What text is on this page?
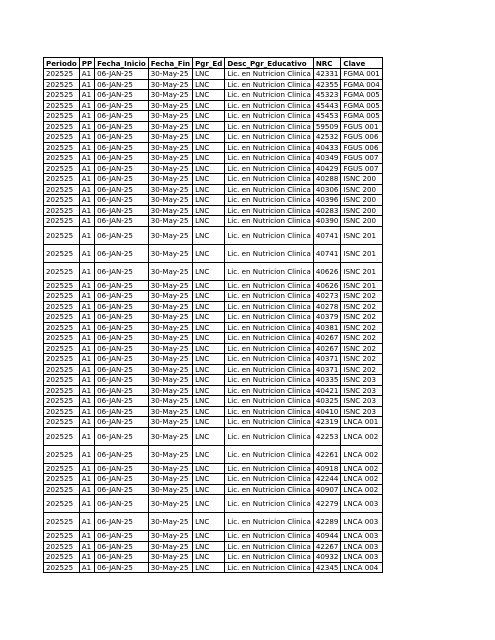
Periodo	PP	Fecha_Inicio	Fecha_Fin	Pgr_Ed	Desc_Pgr_Educativo	NRC	Clave
202525	A1	06-JAN-25	30-May-25	LNC	Lic. en Nutricion Clinica	42331	FGMA 001
202525	A1	06-JAN-25	30-May-25	LNC	Lic. en Nutricion Clinica	42355	FGMA 004
202525	A1	06-JAN-25	30-May-25	LNC	Lic. en Nutricion Clinica	45323	FGMA 005
202525	A1	06-JAN-25	30-May-25	LNC	Lic. en Nutricion Clinica	45443	FGMA 005
202525	A1	06-JAN-25	30-May-25	LNC	Lic. en Nutricion Clinica	45453	FGMA 005
202525	A1	06-JAN-25	30-May-25	LNC	Lic. en Nutricion Clinica	59509	FGUS 001
202525	A1	06-JAN-25	30-May-25	LNC	Lic. en Nutricion Clinica	42532	FGUS 006
202525	A1	06-JAN-25	30-May-25	LNC	Lic. en Nutricion Clinica	40433	FGUS 006
202525	A1	06-JAN-25	30-May-25	LNC	Lic. en Nutricion Clinica	40349	FGUS 007
202525	A1	06-JAN-25	30-May-25	LNC	Lic. en Nutricion Clinica	40429	FGUS 007
202525	A1	06-JAN-25	30-May-25	LNC	Lic. en Nutricion Clinica	40288	ISNC 200
202525	A1	06-JAN-25	30-May-25	LNC	Lic. en Nutricion Clinica	40306	ISNC 200
202525	A1	06-JAN-25	30-May-25	LNC	Lic. en Nutricion Clinica	40396	ISNC 200
202525	A1	06-JAN-25	30-May-25	LNC	Lic. en Nutricion Clinica	40283	ISNC 200
202525	A1	06-JAN-25	30-May-25	LNC	Lic. en Nutricion Clinica	40390	ISNC 200
202525	A1	06-JAN-25	30-May-25	LNC	Lic. en Nutricion Clinica	40741	ISNC 201
202525	A1	06-JAN-25	30-May-25	LNC	Lic. en Nutricion Clinica	40741	ISNC 201
202525	A1	06-JAN-25	30-May-25	LNC	Lic. en Nutricion Clinica	40626	ISNC 201
202525	A1	06-JAN-25	30-May-25	LNC	Lic. en Nutricion Clinica	40626	ISNC 201
202525	A1	06-JAN-25	30-May-25	LNC	Lic. en Nutricion Clinica	40273	ISNC 202
202525	A1	06-JAN-25	30-May-25	LNC	Lic. en Nutricion Clinica	40278	ISNC 202
202525	A1	06-JAN-25	30-May-25	LNC	Lic. en Nutricion Clinica	40379	ISNC 202
202525	A1	06-JAN-25	30-May-25	LNC	Lic. en Nutricion Clinica	40381	ISNC 202
202525	A1	06-JAN-25	30-May-25	LNC	Lic. en Nutricion Clinica	40267	ISNC 202
202525	A1	06-JAN-25	30-May-25	LNC	Lic. en Nutricion Clinica	40267	ISNC 202
202525	A1	06-JAN-25	30-May-25	LNC	Lic. en Nutricion Clinica	40371	ISNC 202
202525	A1	06-JAN-25	30-May-25	LNC	Lic. en Nutricion Clinica	40371	ISNC 202
202525	A1	06-JAN-25	30-May-25	LNC	Lic. en Nutricion Clinica	40335	ISNC 203
202525	A1	06-JAN-25	30-May-25	LNC	Lic. en Nutricion Clinica	40421	ISNC 203
202525	A1	06-JAN-25	30-May-25	LNC	Lic. en Nutricion Clinica	40325	ISNC 203
202525	A1	06-JAN-25	30-May-25	LNC	Lic. en Nutricion Clinica	40410	ISNC 203
202525	A1	06-JAN-25	30-May-25	LNC	Lic. en Nutricion Clinica	42319	LNCA 001
202525	A1	06-JAN-25	30-May-25	LNC	Lic. en Nutricion Clinica	42253	LNCA 002
202525	A1	06-JAN-25	30-May-25	LNC	Lic. en Nutricion Clinica	42261	LNCA 002
202525	A1	06-JAN-25	30-May-25	LNC	Lic. en Nutricion Clinica	40918	LNCA 002
202525	A1	06-JAN-25	30-May-25	LNC	Lic. en Nutricion Clinica	42244	LNCA 002
202525	A1	06-JAN-25	30-May-25	LNC	Lic. en Nutricion Clinica	40907	LNCA 002
202525	A1	06-JAN-25	30-May-25	LNC	Lic. en Nutricion Clinica	42279	LNCA 003
202525	A1	06-JAN-25	30-May-25	LNC	Lic. en Nutricion Clinica	42289	LNCA 003
202525	A1	06-JAN-25	30-May-25	LNC	Lic. en Nutricion Clinica	40944	LNCA 003
202525	A1	06-JAN-25	30-May-25	LNC	Lic. en Nutricion Clinica	42267	LNCA 003
202525	A1	06-JAN-25	30-May-25	LNC	Lic. en Nutricion Clinica	40932	LNCA 003
202525	A1	06-JAN-25	30-May-25	LNC	Lic. en Nutricion Clinica	42345	LNCA 004
